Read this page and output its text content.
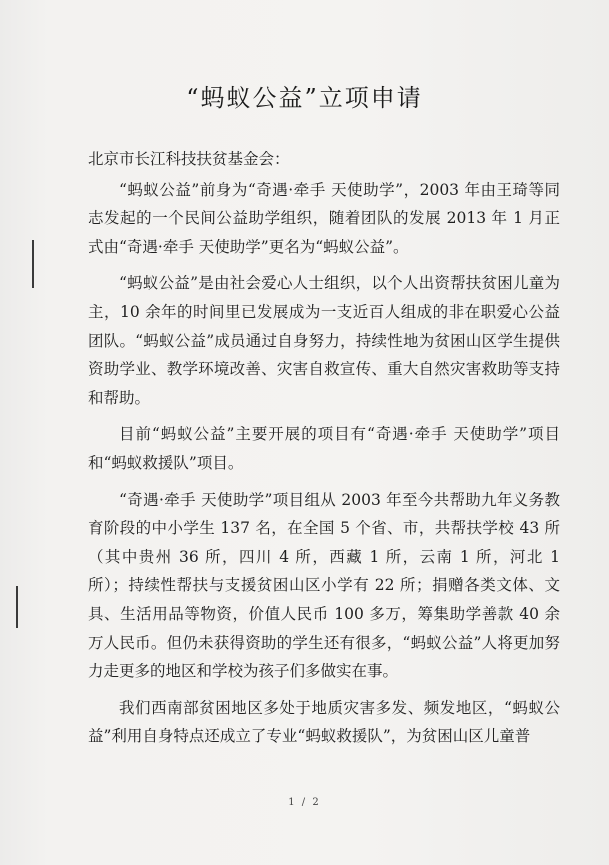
“蚂蚁公益”立项申请

北京市长江科技扶贫基金会：

“蚂蚁公益”前身为“奇遇·牵手 天使助学”，2003 年由王琦等同志发起的一个民间公益助学组织，随着团队的发展 2013 年 1 月正式由“奇遇·牵手 天使助学”更名为“蚂蚁公益”。

“蚂蚁公益”是由社会爱心人士组织，以个人出资帮扶贫困儿童为主，10 余年的时间里已发展成为一支近百人组成的非在职爱心公益团队。“蚂蚁公益”成员通过自身努力，持续性地为贫困山区学生提供资助学业、教学环境改善、灾害自救宣传、重大自然灾害救助等支持和帮助。

目前“蚂蚁公益”主要开展的项目有“奇遇·牵手 天使助学”项目和“蚂蚁救援队”项目。

“奇遇·牵手 天使助学”项目组从 2003 年至今共帮助九年义务教育阶段的中小学生 137 名，在全国 5 个省、市，共帮扶学校 43 所（其中贵州 36 所，四川 4 所，西藏 1 所，云南 1 所，河北 1 所）；持续性帮扶与支援贫困山区小学有 22 所；捐赠各类文体、文具、生活用品等物资，价值人民币 100 多万，筹集助学善款 40 余万人民币。但仍未获得资助的学生还有很多，“蚂蚁公益”人将更加努力走更多的地区和学校为孩子们多做实在事。

我们西南部贫困地区多处于地质灾害多发、频发地区，“蚂蚁公益”利用自身特点还成立了专业“蚂蚁救援队”，为贫困山区儿童普

1 / 2
